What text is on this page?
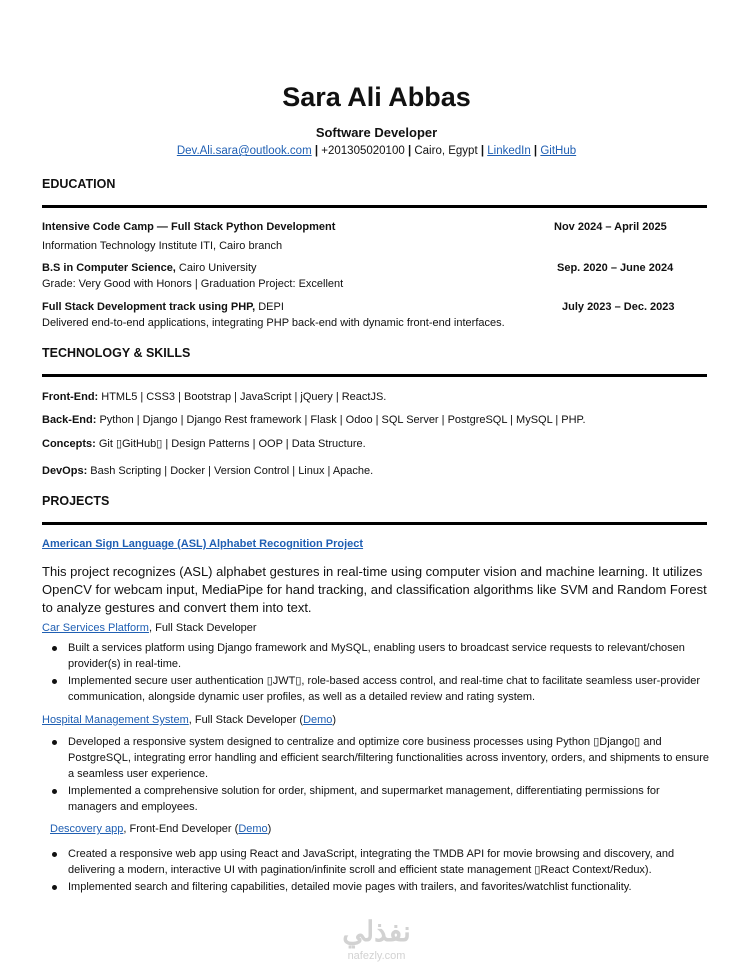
Sara Ali Abbas
Software Developer
Dev.Ali.sara@outlook.com | +201305020100 | Cairo, Egypt | LinkedIn | GitHub
EDUCATION
Intensive Code Camp — Full Stack Python Development	Nov 2024 – April 2025
Information Technology Institute ITI, Cairo branch
B.S in Computer Science, Cairo University	Sep. 2020 – June 2024
Grade: Very Good with Honors | Graduation Project: Excellent
Full Stack Development track using PHP, DEPI	July 2023 – Dec. 2023
Delivered end-to-end applications, integrating PHP back-end with dynamic front-end interfaces.
TECHNOLOGY & SKILLS
Front-End: HTML5 | CSS3 | Bootstrap | JavaScript | jQuery | ReactJS.
Back-End: Python | Django | Django Rest framework | Flask | Odoo | SQL Server | PostgreSQL | MySQL | PHP.
Concepts: Git ▯GitHub▯ | Design Patterns | OOP | Data Structure.
DevOps: Bash Scripting | Docker | Version Control | Linux | Apache.
PROJECTS
American Sign Language (ASL) Alphabet Recognition Project
This project recognizes (ASL) alphabet gestures in real-time using computer vision and machine learning. It utilizes OpenCV for webcam input, MediaPipe for hand tracking, and classification algorithms like SVM and Random Forest to analyze gestures and convert them into text.
Car Services Platform, Full Stack Developer
Built a services platform using Django framework and MySQL, enabling users to broadcast service requests to relevant/chosen provider(s) in real-time.
Implemented secure user authentication ▯JWT▯, role-based access control, and real-time chat to facilitate seamless user-provider communication, alongside dynamic user profiles, as well as a detailed review and rating system.
Hospital Management System, Full Stack Developer (Demo)
Developed a responsive system designed to centralize and optimize core business processes using Python ▯Django▯ and PostgreSQL, integrating error handling and efficient search/filtering functionalities across inventory, orders, and shipments to ensure a seamless user experience.
Implemented a comprehensive solution for order, shipment, and supermarket management, differentiating permissions for managers and employees.
Descovery app, Front-End Developer (Demo)
Created a responsive web app using React and JavaScript, integrating the TMDB API for movie browsing and discovery, and delivering a modern, interactive UI with pagination/infinite scroll and efficient state management ▯React Context/Redux).
Implemented search and filtering capabilities, detailed movie pages with trailers, and favorites/watchlist functionality.
نفذلي
nafezly.com
